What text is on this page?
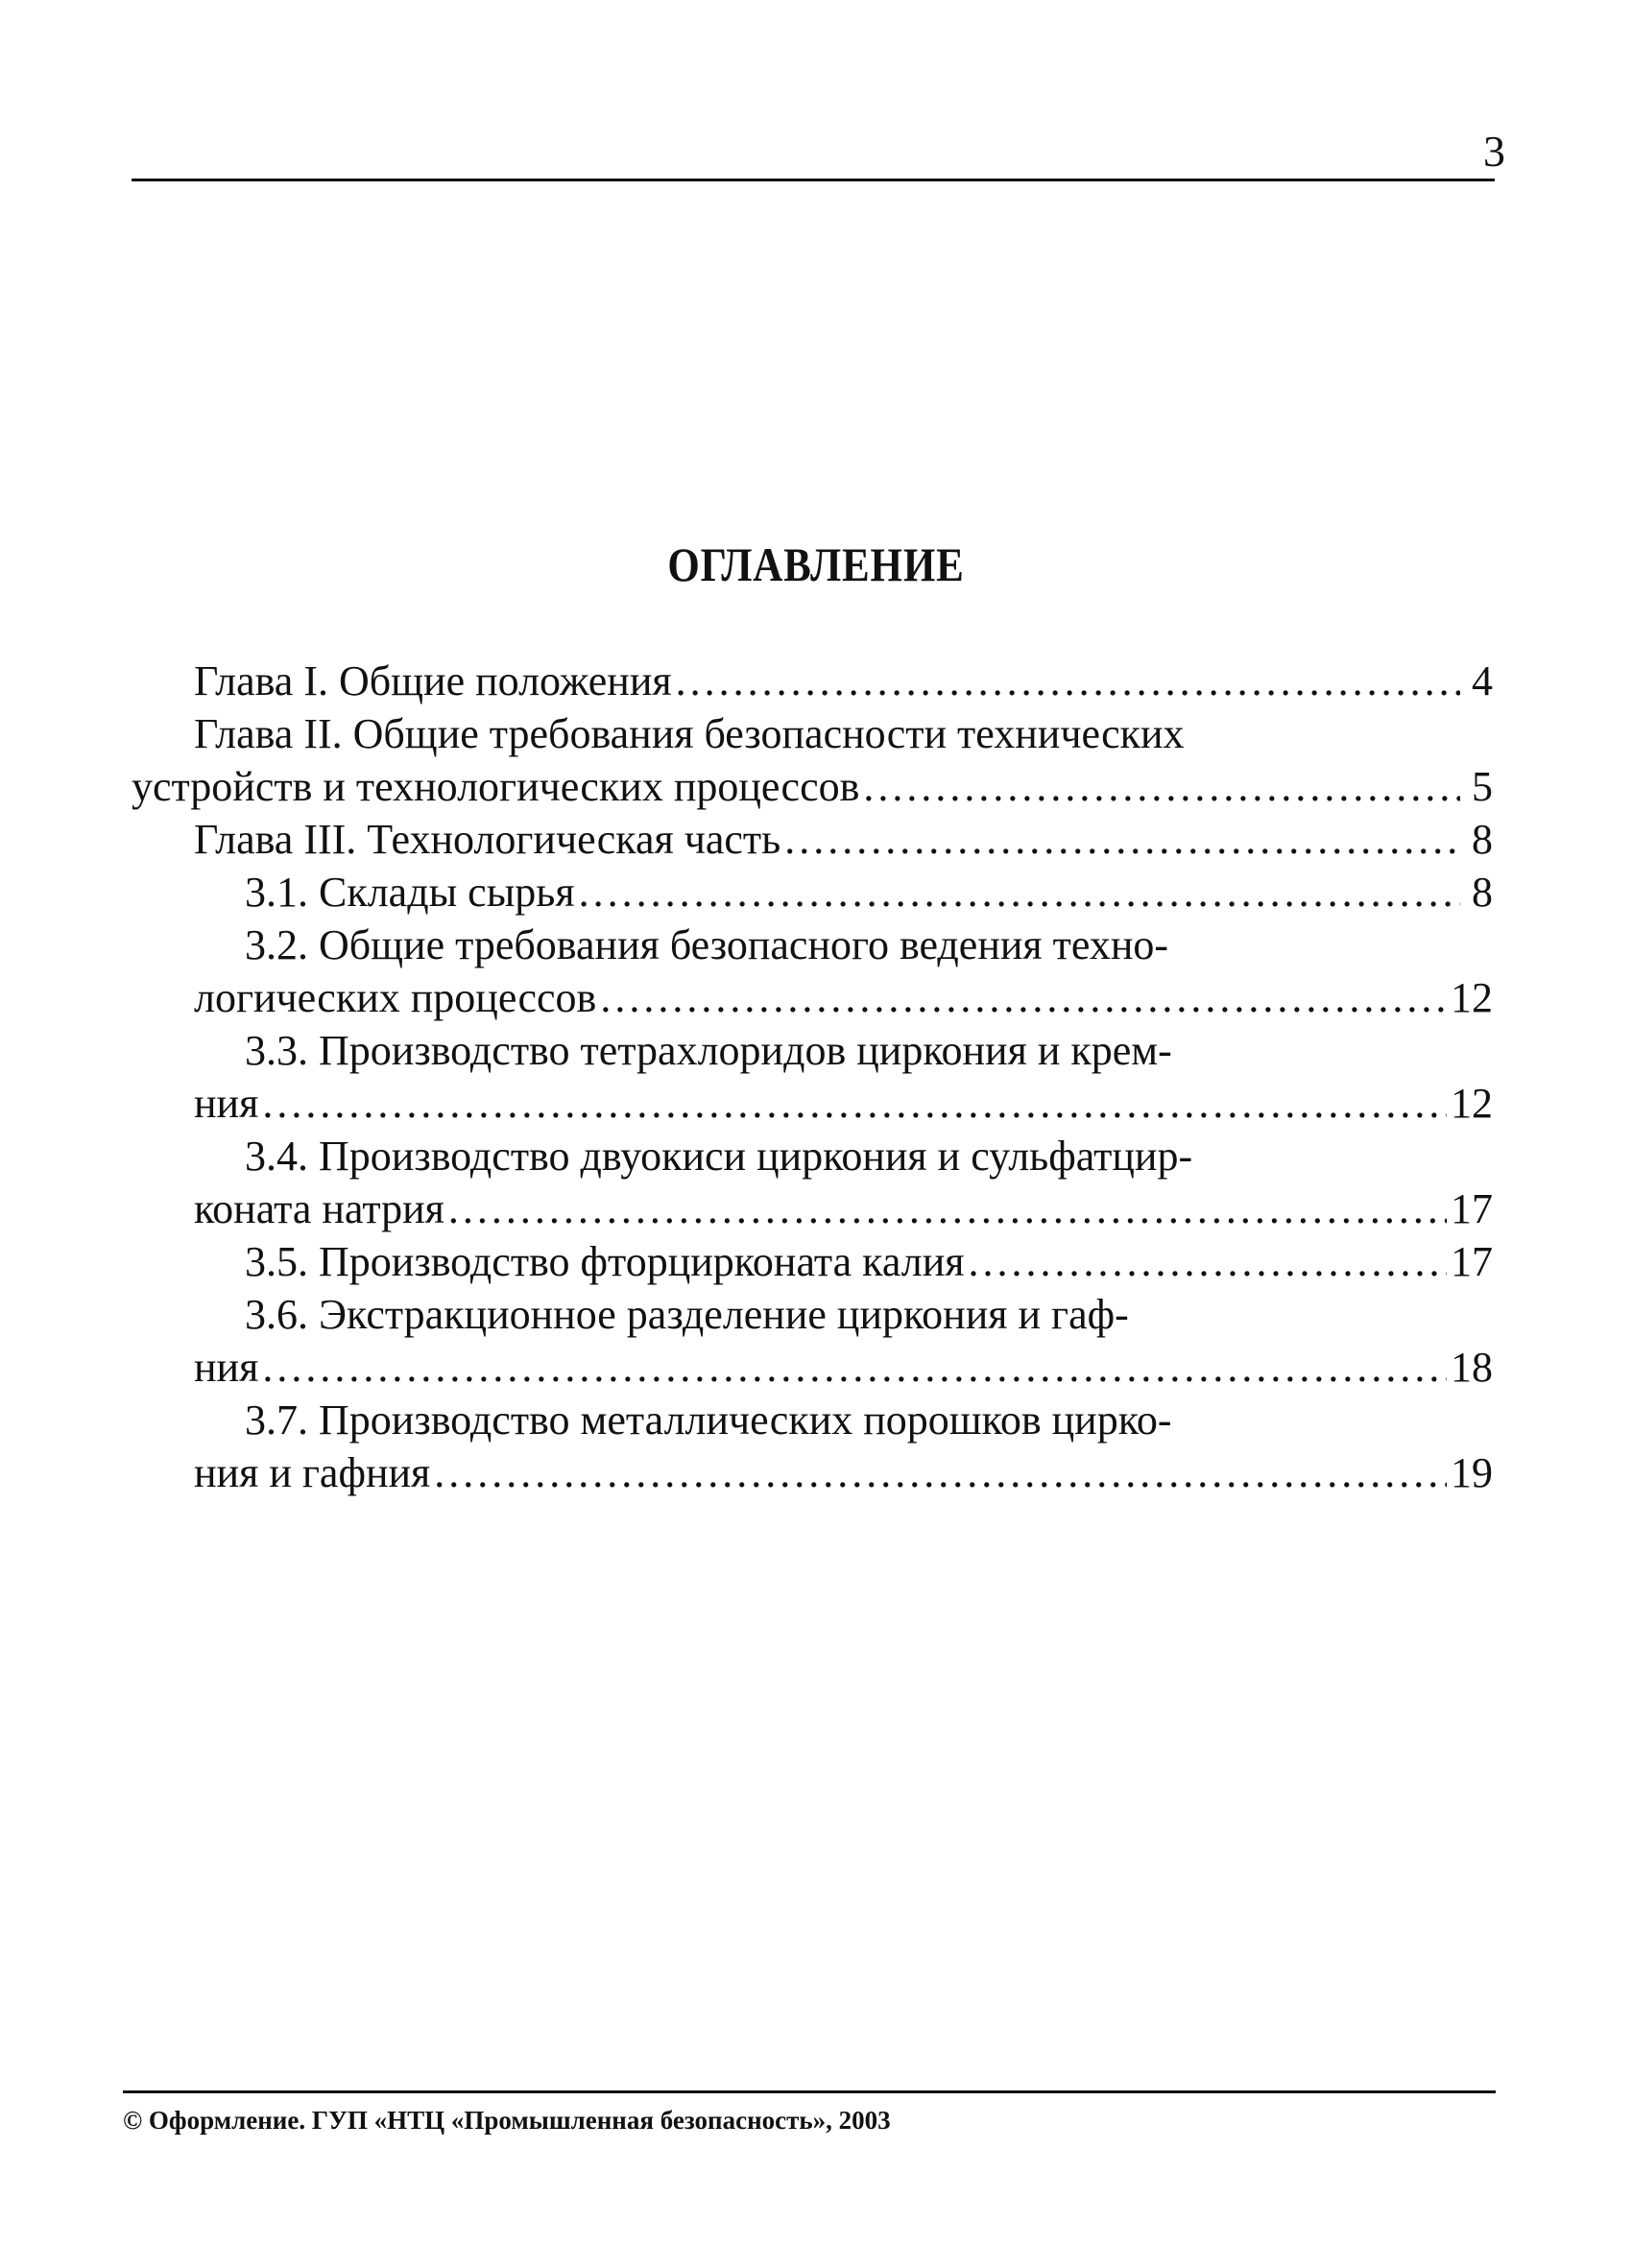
3
ОГЛАВЛЕНИЕ
Глава I. Общие положения .....	4
Глава II. Общие требования безопасности технических
устройств и технологических процессов .....	5
Глава III. Технологическая часть .....	8
3.1. Склады сырья .....	8
3.2. Общие требования безопасного ведения техно-
логических процессов .....	12
3.3. Производство тетрахлоридов циркония и крем-
ния .....	12
3.4. Производство двуокиси циркония и сульфатцир-
коната натрия .....	17
3.5. Производство фторцирконата калия .....	17
3.6. Экстракционное разделение циркония и гаф-
ния .....	18
3.7. Производство металлических порошков цирко-
ния и гафния .....	19
© Оформление. ГУП «НТЦ «Промышленная безопасность», 2003
